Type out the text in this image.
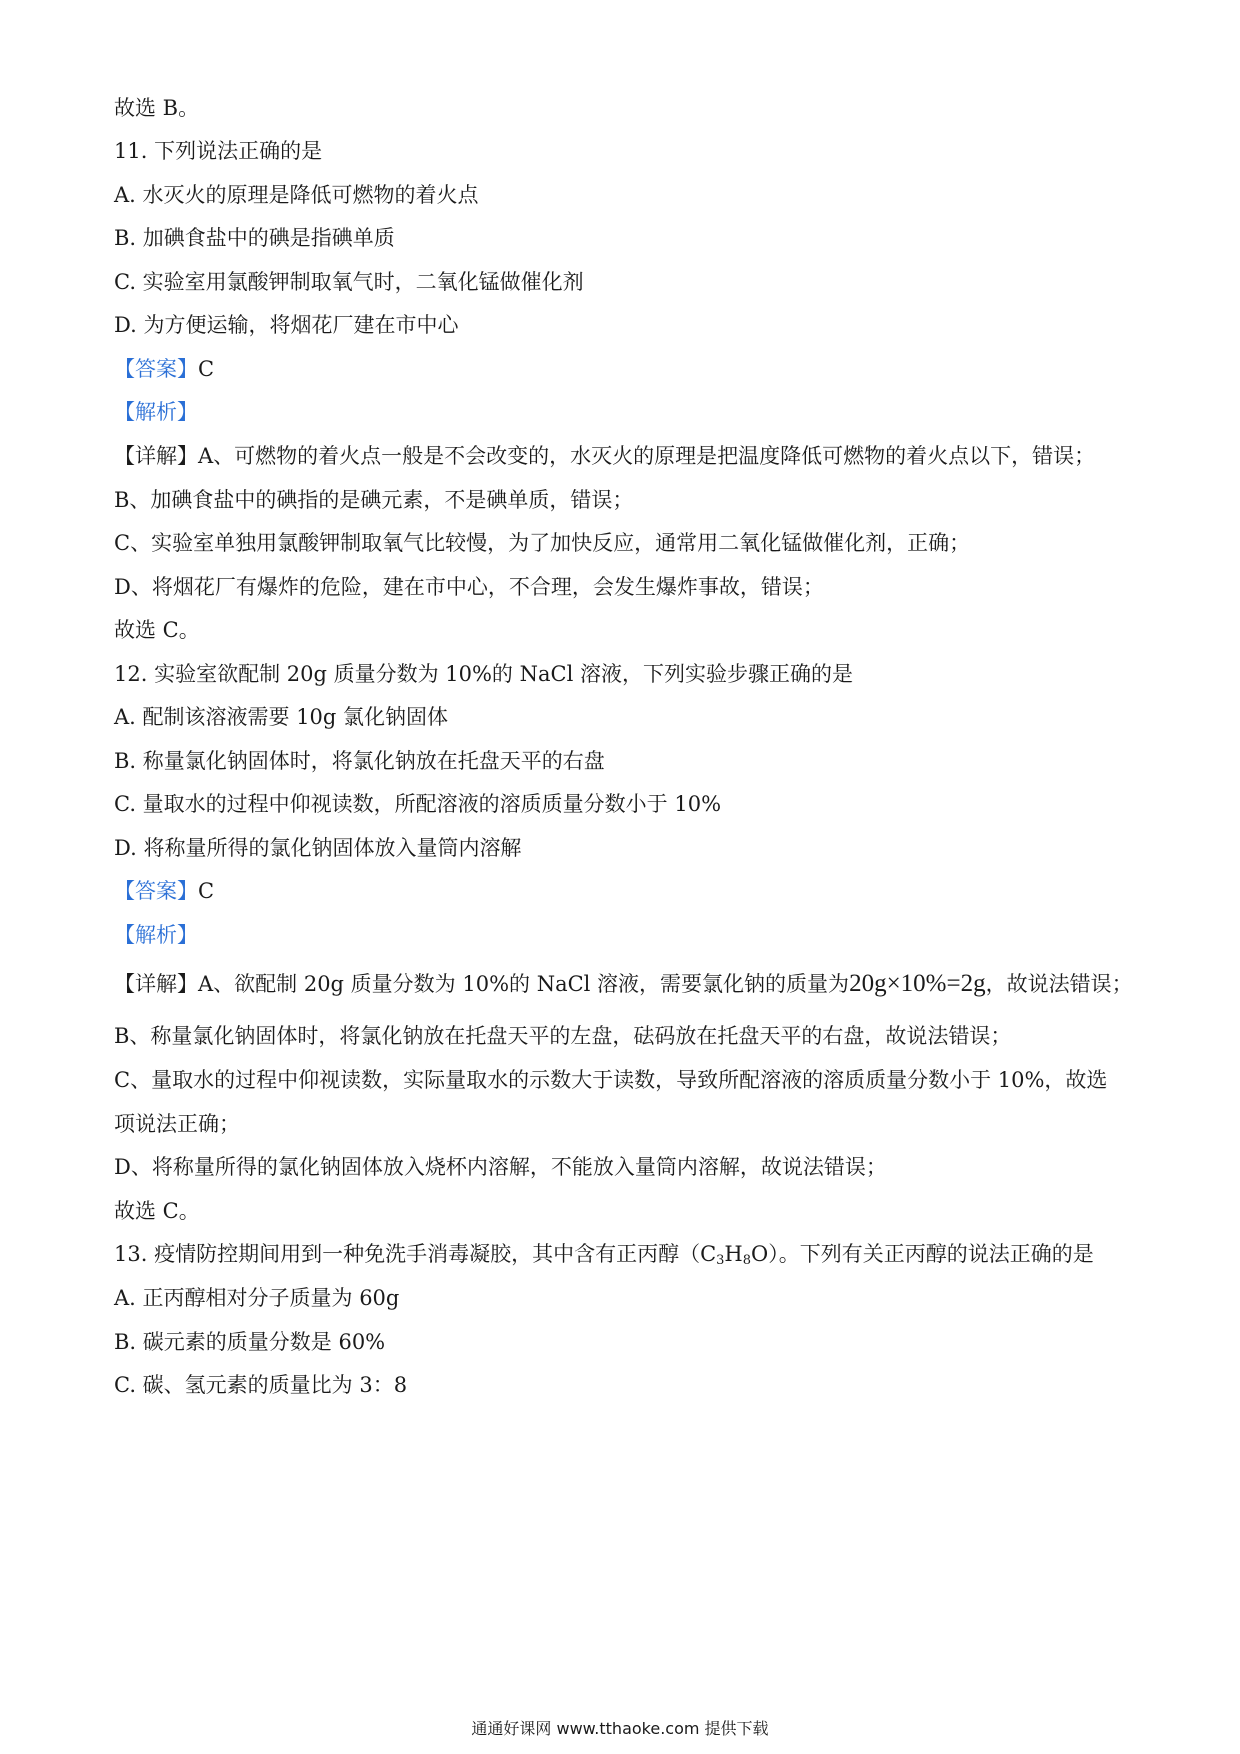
故选 B。
11. 下列说法正确的是
A. 水灭火的原理是降低可燃物的着火点
B. 加碘食盐中的碘是指碘单质
C. 实验室用氯酸钾制取氧气时，二氧化锰做催化剂
D. 为方便运输，将烟花厂建在市中心
【答案】C
【解析】
【详解】A、可燃物的着火点一般是不会改变的，水灭火的原理是把温度降低可燃物的着火点以下，错误；
B、加碘食盐中的碘指的是碘元素，不是碘单质，错误；
C、实验室单独用氯酸钾制取氧气比较慢，为了加快反应，通常用二氧化锰做催化剂，正确；
D、将烟花厂有爆炸的危险，建在市中心，不合理，会发生爆炸事故，错误；
故选 C。
12. 实验室欲配制 20g 质量分数为 10%的 NaCl 溶液，下列实验步骤正确的是
A. 配制该溶液需要 10g 氯化钠固体
B. 称量氯化钠固体时，将氯化钠放在托盘天平的右盘
C. 量取水的过程中仰视读数，所配溶液的溶质质量分数小于 10%
D. 将称量所得的氯化钠固体放入量筒内溶解
【答案】C
【解析】
【详解】A、欲配制 20g 质量分数为 10%的 NaCl 溶液，需要氯化钠的质量为20g×10%=2g，故说法错误；
B、称量氯化钠固体时，将氯化钠放在托盘天平的左盘，砝码放在托盘天平的右盘，故说法错误；
C、量取水的过程中仰视读数，实际量取水的示数大于读数，导致所配溶液的溶质质量分数小于 10%，故选
项说法正确；
D、将称量所得的氯化钠固体放入烧杯内溶解，不能放入量筒内溶解，故说法错误；
故选 C。
13. 疫情防控期间用到一种免洗手消毒凝胶，其中含有正丙醇$(C_3H_8O)$。下列有关正丙醇的说法正确的是
A. 正丙醇相对分子质量为 60g
B. 碳元素的质量分数是 60%
C. 碳、氢元素的质量比为 3：8
通通好课网 www.tthaoke.com 提供下载
